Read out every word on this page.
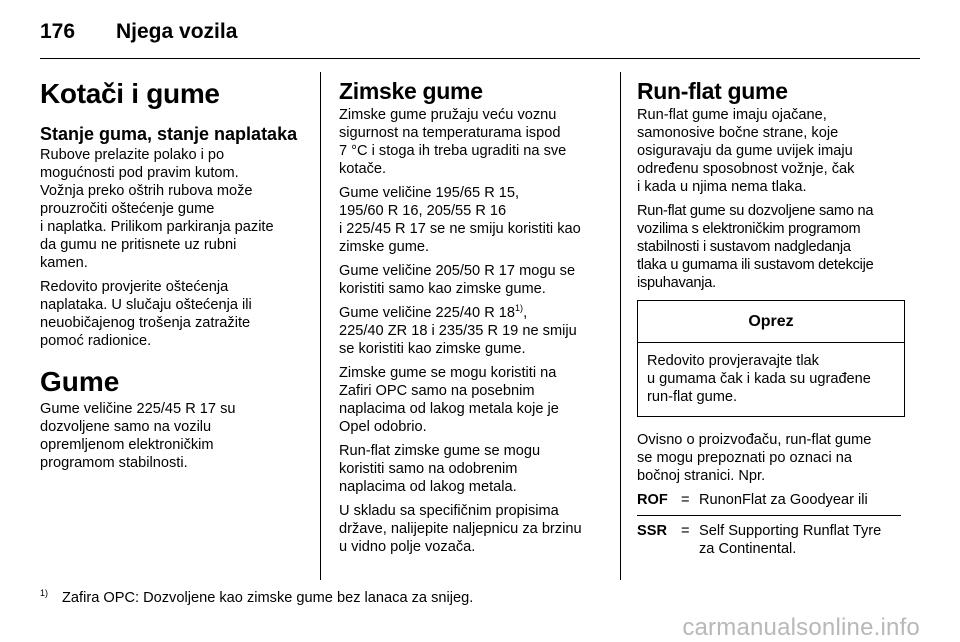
176 Njega vozila
Kotači i gume
Stanje guma, stanje naplataka

Rubove prelazite polako i po
mogućnosti pod pravim kutom.
Vožnja preko oštrih rubova može
prouzročiti oštećenje gume
i naplatka. Prilikom parkiranja pazite
da gumu ne pritisnete uz rubni
kamen.

Redovito provjerite oštećenja
naplataka. U slučaju oštećenja ili
neuobičajenog trošenja zatražite
pomoć radionice.

Gume

Gume veličine 225/45 R 17 su
dozvoljene samo na vozilu
opremljenom elektroničkim
programom stabilnosti.

Zimske gume

Zimske gume pružaju veću voznu
sigurnost na temperaturama ispod
7 °C i stoga ih treba ugraditi na sve
kotače.

Gume veličine 195/65 R 15,
195/60 R 16, 205/55 R 16
i 225/45 R 17 se ne smiju koristiti kao
zimske gume.

Gume veličine 205/50 R 17 mogu se
koristiti samo kao zimske gume.

Gume veličine 225/40 R 18$^{1)}$,
225/40 ZR 18 i 235/35 R 19 ne smiju
se koristiti kao zimske gume.

Zimske gume se mogu koristiti na
Zafiri OPC samo na posebnim
naplacima od lakog metala koje je
Opel odobrio.

Run-flat zimske gume se mogu
koristiti samo na odobrenim
naplacima od lakog metala.

U skladu sa specifičnim propisima
države, nalijepite naljepnicu za brzinu
u vidno polje vozača.

Run-flat gume

Run-flat gume imaju ojačane,
samonosive bočne strane, koje
osiguravaju da gume uvijek imaju
određenu sposobnost vožnje, čak
i kada u njima nema tlaka.

Run-flat gume su dozvoljene samo na
vozilima s elektroničkim programom
stabilnosti i sustavom nadgledanja
tlaka u gumama ili sustavom detekcije
ispuhavanja.

Oprez
Redovito provjeravajte tlak
u gumama čak i kada su ugrađene
run-flat gume.

Ovisno o proizvođaču, run-flat gume
se mogu prepoznati po oznaci na
bočnoj stranici. Npr.

ROF = RunonFlat za Goodyear ili
SSR = Self Supporting Runflat Tyre
za Continental.
$^{1)}$ Zafira OPC: Dozvoljene kao zimske gume bez lanaca za snijeg.
carmanualsonline.info
